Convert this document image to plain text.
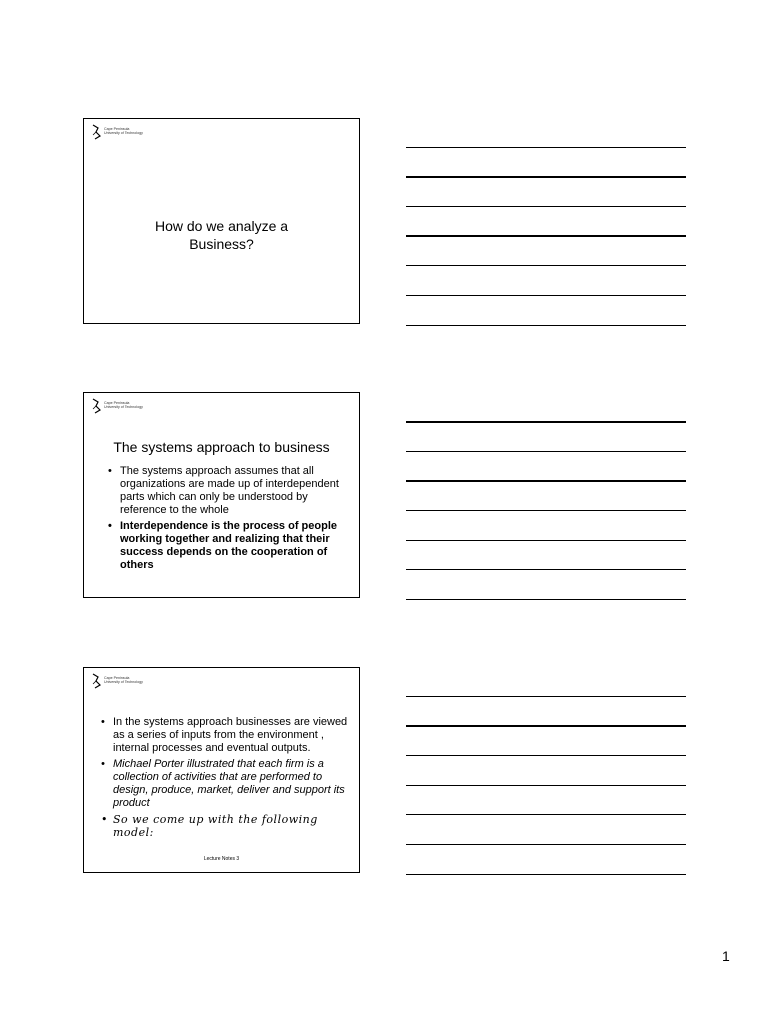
Cape Peninsula
University of Technology
How do we analyze a
Business?
Cape Peninsula
University of Technology
The systems approach to business
• The systems approach assumes that all organizations are made up of interdependent parts which can only be understood by reference to the whole
• Interdependence is the process of people working together and realizing that their success depends on the cooperation of others
Cape Peninsula
University of Technology
• In the systems approach businesses are viewed as a series of inputs from the environment , internal processes and eventual outputs.
• Michael Porter illustrated that each firm is a collection of activities that are performed to design, produce, market, deliver and support its product
• So we come up with the following model:
Lecture Notes 3
1
